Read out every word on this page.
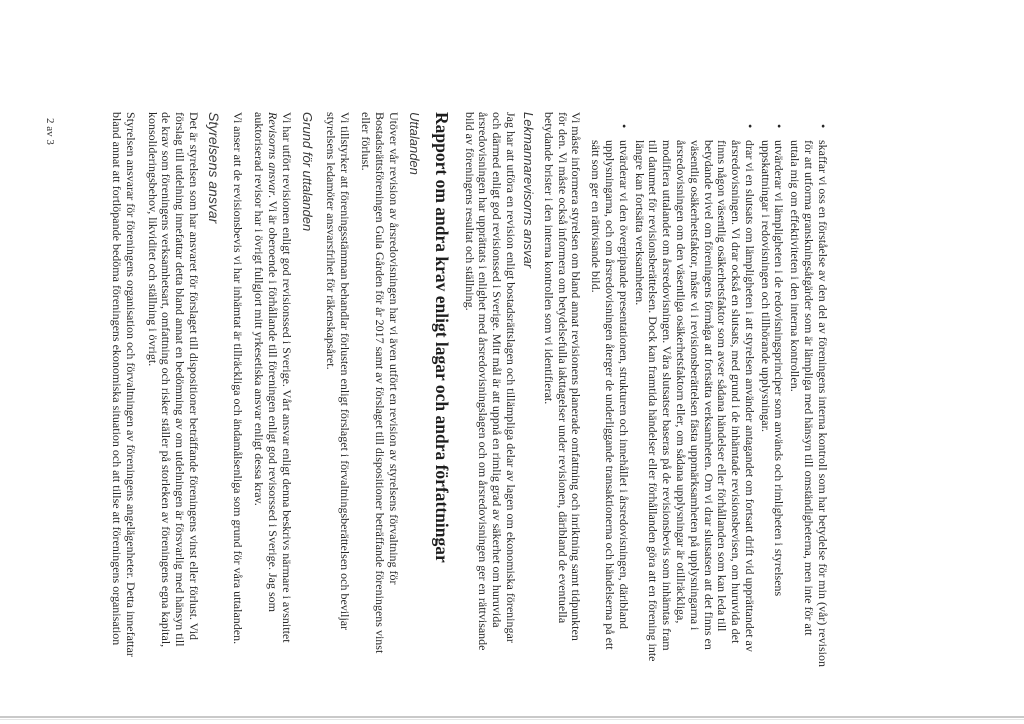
•
skaffar vi oss en förståelse av den del av föreningens interna kontroll som har betydelse för min (vår) revision
för att utforma granskningsåtgärder som är lämpliga med hänsyn till omständigheterna, men inte för att
uttala mig om effektiviteten i den interna kontrollen.
•
utvärderar vi lämpligheten i de redovisningsprinciper som används och rimligheten i styrelsens
uppskattningar i redovisningen och tillhörande upplysningar.
•
drar vi en slutsats om lämpligheten i att styrelsen använder antagandet om fortsatt drift vid upprättandet av
årsredovisningen. Vi drar också en slutsats, med grund i de inhämtade revisionsbevisen, om huruvida det
finns någon väsentlig osäkerhetsfaktor som avser sådana händelser eller förhållanden som kan leda till
betydande tvivel om föreningens förmåga att fortsätta verksamheten. Om vi drar slutsatsen att det finns en
väsentlig osäkerhetsfaktor, måste vi i revisionsberättelsen fästa uppmärksamheten på upplysningarna i
årsredovisningen om den väsentliga osäkerhetsfaktorn eller, om sådana upplysningar är otillräckliga,
modifiera uttalandet om årsredovisningen. Våra slutsatser baseras på de revisionsbevis som inhämtas fram
till datumet för revisionsberättelsen. Dock kan framtida händelser eller förhållanden göra att en förening inte
längre kan fortsätta verksamheten.
•
utvärderar vi den övergripande presentationen, strukturen och innehållet i årsredovisningen, däribland
upplysningarna, och om årsredovisningen återger de underliggande transaktionerna och händelserna på ett
sätt som ger en rättvisande bild.
Vi måste informera styrelsen om bland annat revisionens planerade omfattning och inriktning samt tidpunkten
för den. Vi måste också informera om betydelsefulla iakttagelser under revisionen, däribland de eventuella
betydande brister i den interna kontrollen som vi identifierat.
Lekmannarevisorns ansvar
Jag har att utföra en revision enligt bostadsrättslagen och tillämpliga delar av lagen om ekonomiska föreningar
och därmed enligt god revisionssed i Sverige. Mitt mål är att uppnå en rimlig grad av säkerhet om huruvida
årsredovisningen har upprättats i enlighet med årsredovisningslagen och om årsredovisningen ger en rättvisande
bild av föreningens resultat och ställning.
Rapport om andra krav enligt lagar och andra författningar
Uttalanden
Utöver vår revision av årsredovisningen har vi även utfört en revision av styrelsens förvaltning för
Bostadsrättsföreningen Gula Gården för år 2017 samt av förslaget till dispositioner beträffande föreningens vinst
eller förlust.
Vi tillstyrker att föreningsstämman behandlar förlusten enligt förslaget i förvaltningsberättelsen och beviljar
styrelsens ledamöter ansvarsfrihet för räkenskapsåret.
Grund för uttalanden
Vi har utfört revisionen enligt god revisionssed i Sverige. Vårt ansvar enligt denna beskrivs närmare i avsnittet
Revisorns ansvar. Vi är oberoende i förhållande till föreningen enligt god revisorssed i Sverige. Jag som
auktoriserad revisor har i övrigt fullgjort mitt yrkesetiska ansvar enligt dessa krav.
Vi anser att de revisionsbevis vi har inhämtat är tillräckliga och ändamålsenliga som grund för våra uttalanden.
Styrelsens ansvar
Det är styrelsen som har ansvaret för förslaget till dispositioner beträffande föreningens vinst eller förlust. Vid
förslag till utdelning innefattar detta bland annat en bedömning av om utdelningen är försvarlig med hänsyn till
de krav som föreningens verksamhetsart, omfattning och risker ställer på storleken av föreningens egna kapital,
konsolideringsbehov, likviditet och ställning i övrigt.
Styrelsen ansvarar för föreningens organisation och förvaltningen av föreningens angelägenheter. Detta innefattar
bland annat att fortlöpande bedöma föreningens ekonomiska situation och att tillse att föreningens organisation
2 av 3
